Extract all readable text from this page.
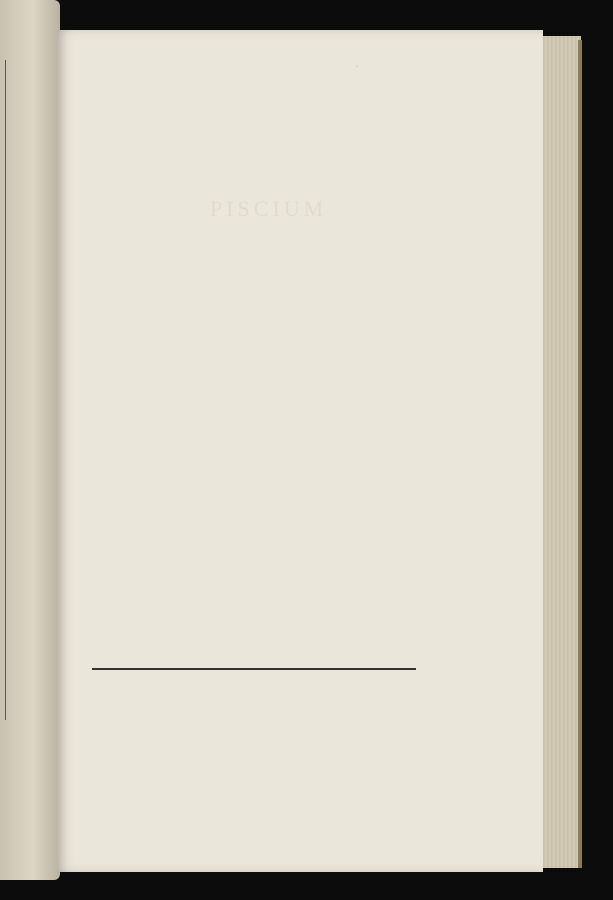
·
PISCIUM
